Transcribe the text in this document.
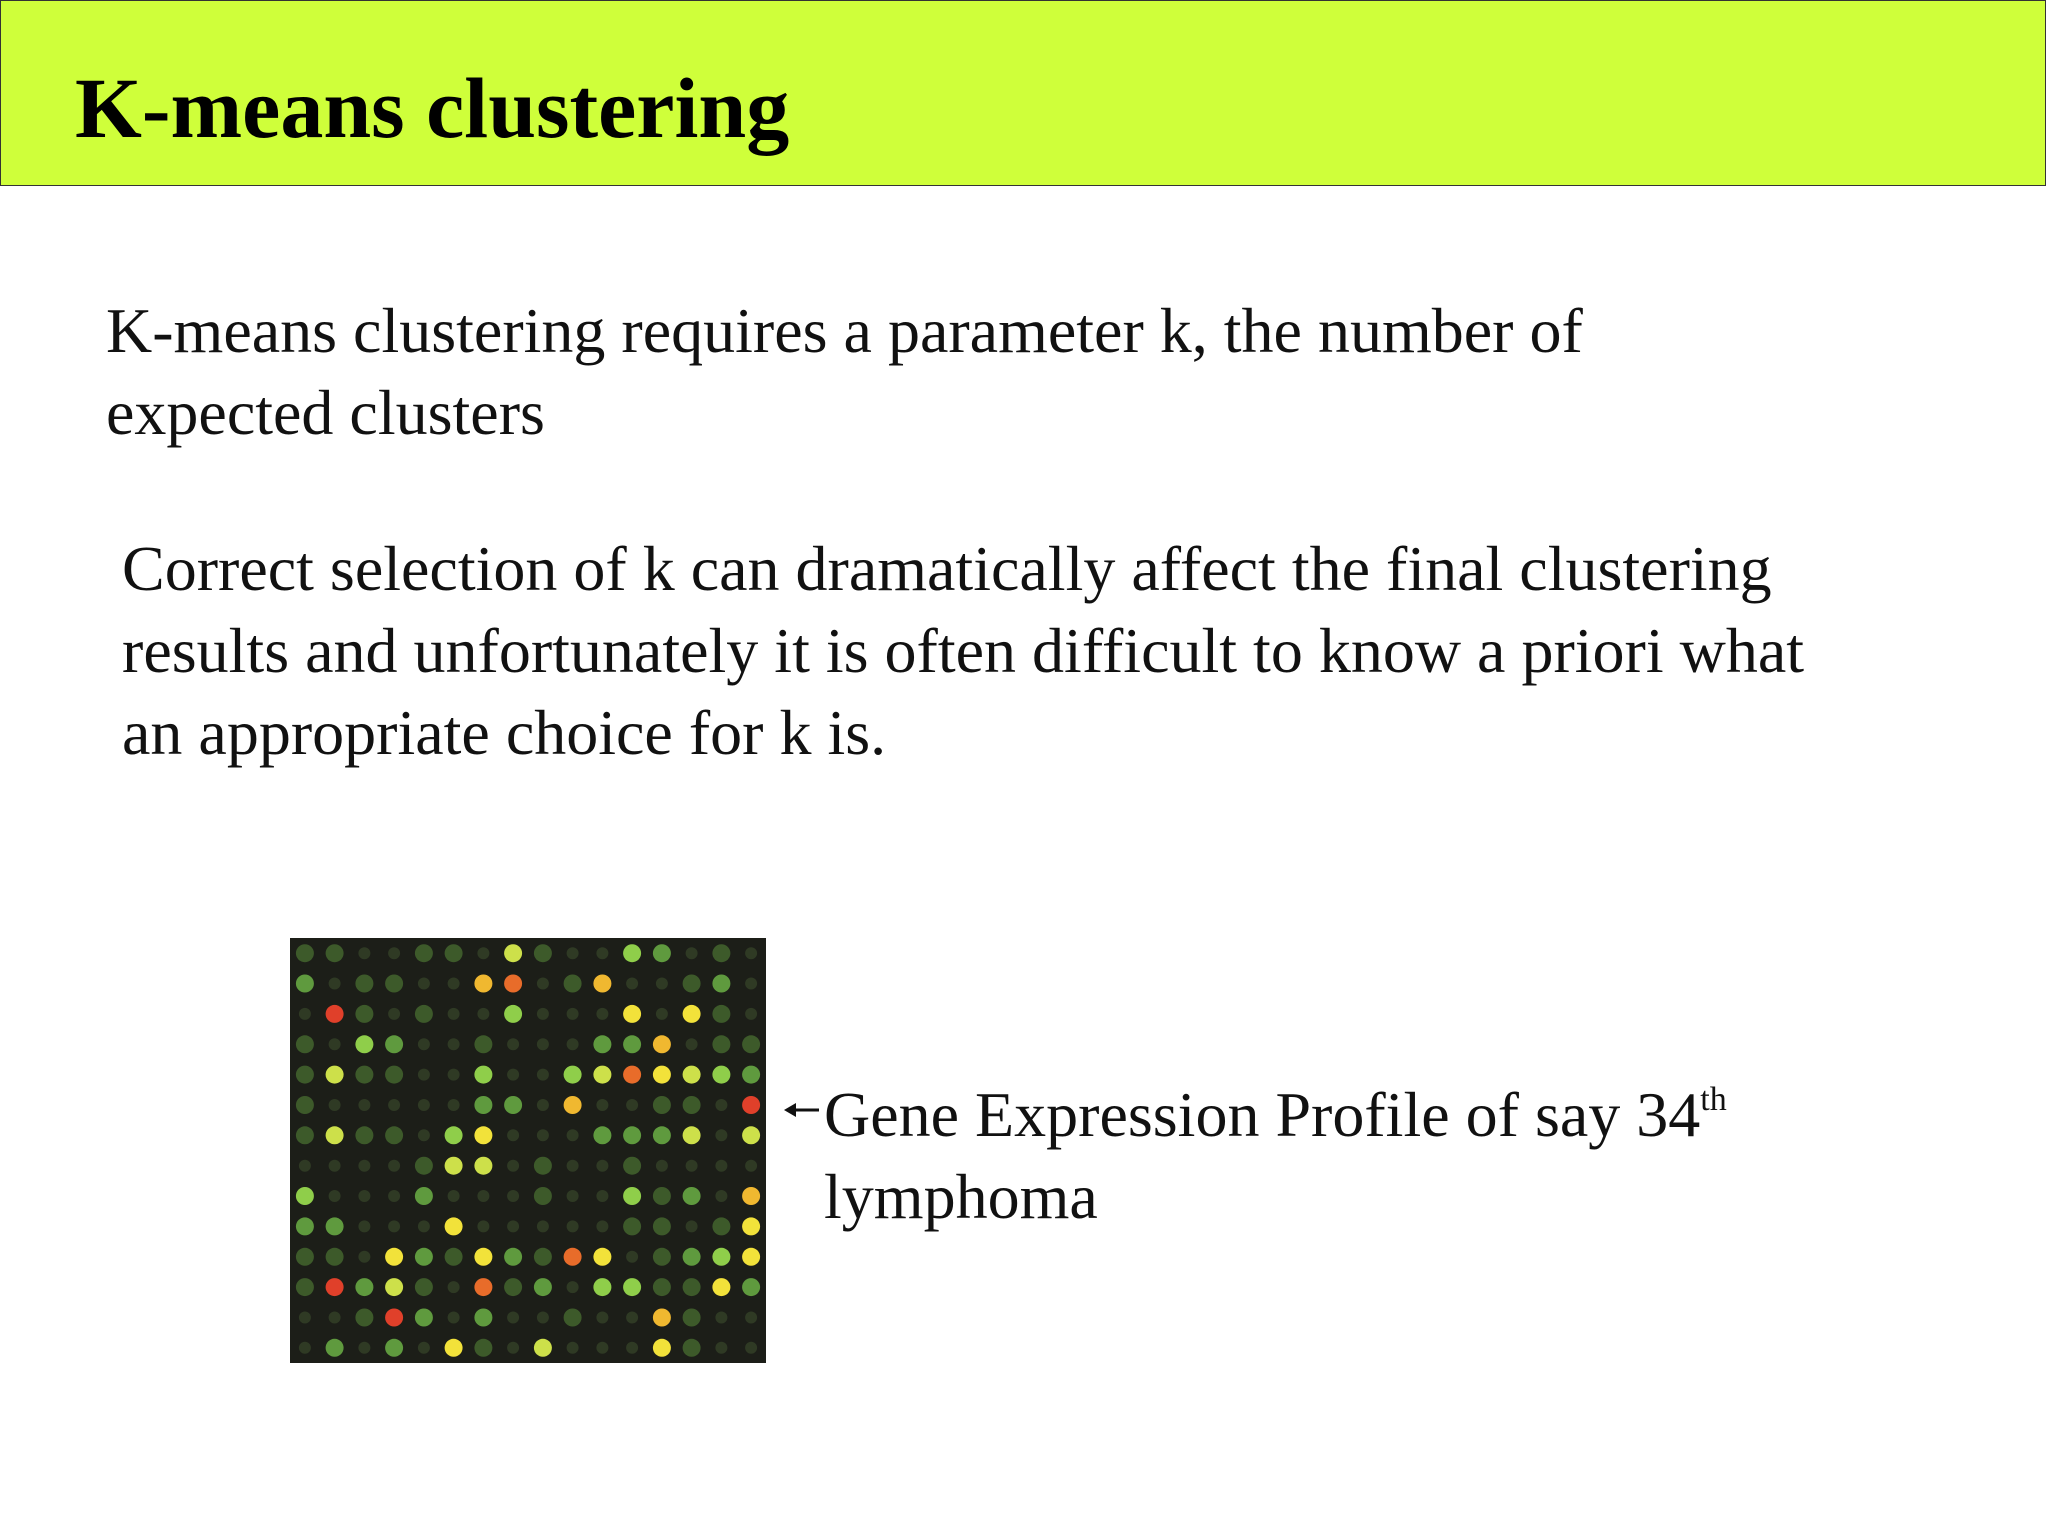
K-means clustering
K-means clustering requires a parameter k, the number of
expected clusters
Correct selection of k can dramatically affect the final clustering
results and unfortunately it is often difficult to know a priori what
an appropriate choice for k is.
Gene Expression Profile of say 34th
lymphoma
